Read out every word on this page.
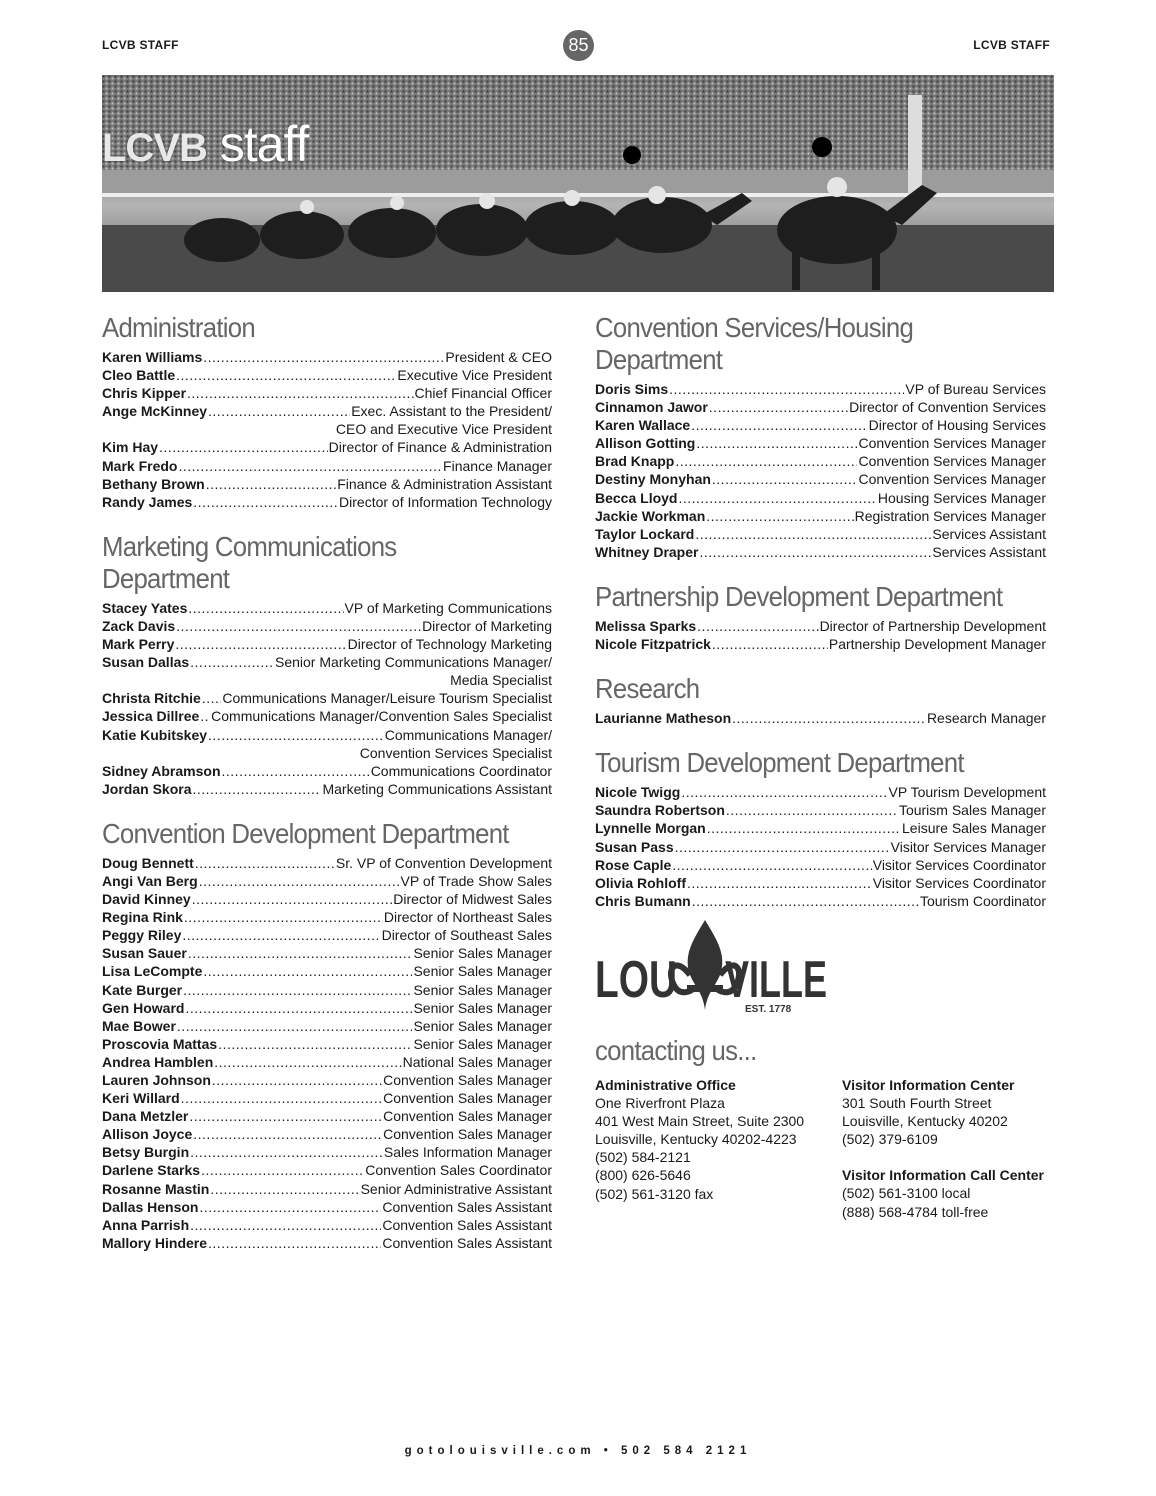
LCVB STAFF	85	LCVB STAFF
LCVB staff
Administration
Karen Williams .....	President & CEO
Cleo Battle .....	Executive Vice President
Chris Kipper .....	Chief Financial Officer
Ange McKinney .....	Exec. Assistant to the President/
CEO and Executive Vice President
Kim Hay .....	Director of Finance & Administration
Mark Fredo .....	Finance Manager
Bethany Brown .....	Finance & Administration Assistant
Randy James .....	Director of Information Technology
Marketing Communications Department
Stacey Yates .....	VP of Marketing Communications
Zack Davis .....	Director of Marketing
Mark Perry .....	Director of Technology Marketing
Susan Dallas .....	Senior Marketing Communications Manager/
Media Specialist
Christa Ritchie ..... Communications Manager/Leisure Tourism Specialist
Jessica Dillree ..... Communications Manager/Convention Sales Specialist
Katie Kubitskey .....	Communications Manager/
Convention Services Specialist
Sidney Abramson .....	Communications Coordinator
Jordan Skora .....	Marketing Communications Assistant
Convention Development Department
Doug Bennett .....	Sr. VP of Convention Development
Angi Van Berg .....	VP of Trade Show Sales
David Kinney .....	Director of Midwest Sales
Regina Rink .....	Director of Northeast Sales
Peggy Riley .....	Director of Southeast Sales
Susan Sauer .....	Senior Sales Manager
Lisa LeCompte .....	Senior Sales Manager
Kate Burger .....	Senior Sales Manager
Gen Howard .....	Senior Sales Manager
Mae Bower .....	Senior Sales Manager
Proscovia Mattas .....	Senior Sales Manager
Andrea Hamblen .....	National Sales Manager
Lauren Johnson .....	Convention Sales Manager
Keri Willard .....	Convention Sales Manager
Dana Metzler .....	Convention Sales Manager
Allison Joyce .....	Convention Sales Manager
Betsy Burgin .....	Sales Information Manager
Darlene Starks .....	Convention Sales Coordinator
Rosanne Mastin .....	Senior Administrative Assistant
Dallas Henson .....	Convention Sales Assistant
Anna Parrish .....	Convention Sales Assistant
Mallory Hindere .....	Convention Sales Assistant
Convention Services/Housing Department
Doris Sims .....	VP of Bureau Services
Cinnamon Jawor .....	Director of Convention Services
Karen Wallace .....	Director of Housing Services
Allison Gotting .....	Convention Services Manager
Brad Knapp .....	Convention Services Manager
Destiny Monyhan .....	Convention Services Manager
Becca Lloyd .....	Housing Services Manager
Jackie Workman .....	Registration Services Manager
Taylor Lockard .....	Services Assistant
Whitney Draper .....	Services Assistant
Partnership Development Department
Melissa Sparks .....	Director of Partnership Development
Nicole Fitzpatrick .....	Partnership Development Manager
Research
Laurianne Matheson .....	Research Manager
Tourism Development Department
Nicole Twigg .....	VP Tourism Development
Saundra Robertson .....	Tourism Sales Manager
Lynnelle Morgan .....	Leisure Sales Manager
Susan Pass .....	Visitor Services Manager
Rose Caple .....	Visitor Services Coordinator
Olivia Rohloff .....	Visitor Services Coordinator
Chris Bumann .....	Tourism Coordinator
LOU VILLE
EST. 1778
contacting us...
Administrative Office
One Riverfront Plaza
401 West Main Street, Suite 2300
Louisville, Kentucky 40202-4223
(502) 584-2121
(800) 626-5646
(502) 561-3120 fax
Visitor Information Center
301 South Fourth Street
Louisville, Kentucky 40202
(502) 379-6109
Visitor Information Call Center
(502) 561-3100 local
(888) 568-4784 toll-free
gotolouisville.com • 502 584 2121
